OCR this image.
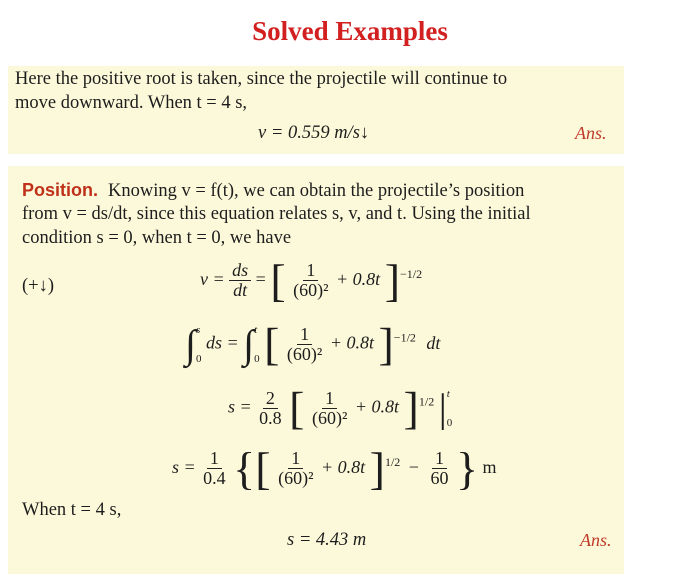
Solved Examples
Here the positive root is taken, since the projectile will continue to
move downward. When t = 4 s,
v = 0.559 m/s↓	Ans.
Position. Knowing v = f(t), we can obtain the projectile’s position
from v = ds/dt, since this equation relates s, v, and t. Using the initial
condition s = 0, when t = 0, we have
(+↓)	$v = \frac{ds}{dt}$ = [ $\frac{1}{\text{(60)²}} + 0.8t$ ]$^{-1/2}$
∫ s
0
ds = ∫ t
0 [ $\frac{1}{\text{(60)²}} + 0.8t$ ]$^{-1/2}$ dt
$s = \frac{2}{0.8}$ [ $\frac{1}{\text{(60)²}} + 0.8t$ ]$^{1/2}$ | t
0
$s = \frac{1}{0.4}$ {[ $\frac{1}{\text{(60)²}} + 0.8t$ ]$^{1/2} - \frac{1}{60}$ } m
When t = 4 s,
s = 4.43 m	Ans.
